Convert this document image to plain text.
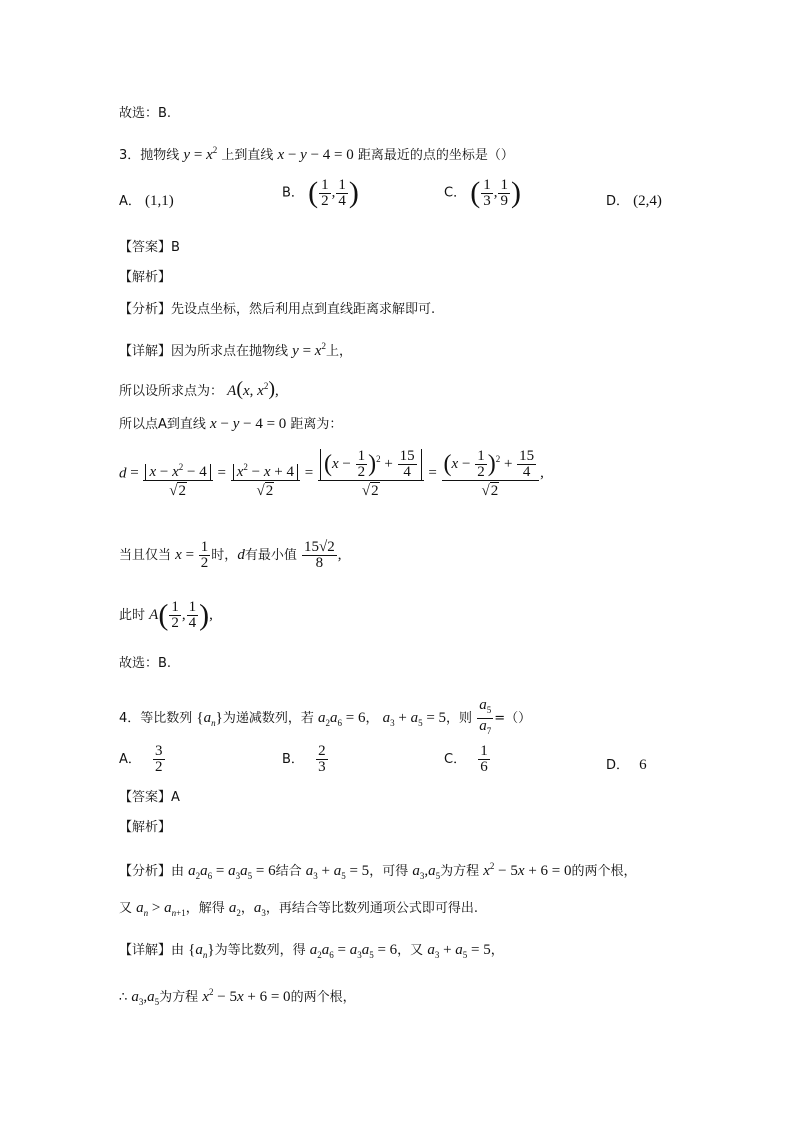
故选：B.
3．抛物线 $y = x^2$ 上到直线 x − y − 4 = 0 距离最近的点的坐标是（）
A． (1,1)	B． ( $\frac{1}{2}$ , $\frac{1}{4}$ )	C． ( $\frac{1}{3}$ , $\frac{1}{9}$ )	D． (2,4)
【答案】B
【解析】
【分析】先设点坐标，然后利用点到直线距离求解即可.
【详解】因为所求点在抛物线 $y = x^2$上，
所以设所求点为： A(x, $x^2$),
所以点A到直线 x − y − 4 = 0 距离为：
$d = \frac{x - x^2 - 4}{√2} = \frac{x^2 - x + 4}{√2} = \frac{(x - \frac{1}{2} )^2 + \frac{15}{4}}{√2} = \frac{(x - \frac{1}{2} )^2 + \frac{15}{4}}{√2}$ ,
当且仅当 $x = \frac{1}{2}$ 时，d有最小值 $\frac{15√2}{8}$ ,
此时 $A( \frac{1}{2}$ , $\frac{1}{4}$ ),
故选：B.
4．等比数列 $\{a_n\}$为递减数列，若 $a_2a_6 = 6$， $a_3 + a_5 = 5$，则 $\frac{a_5}{a_7}$ =（）
A． $\frac{3}{2}$	B． $\frac{2}{3}$	C． $\frac{1}{6}$	D． 6
【答案】A
【解析】
【分析】由 $a_2a_6 = a_3a_5 = 6$结合 $a_3 + a_5 = 5$，可得 $a_3,a_5$为方程 $x^2 - 5x + 6 = 0$的两个根，
又 $a_n > a_{n+1}$，解得 $a_2$，$a_3$，再结合等比数列通项公式即可得出.
【详解】由 $\{a_n\}$为等比数列，得 $a_2a_6 = a_3a_5 = 6$，又 $a_3 + a_5 = 5$，
∴ $a_3,a_5$为方程 $x^2 - 5x + 6 = 0$的两个根，
